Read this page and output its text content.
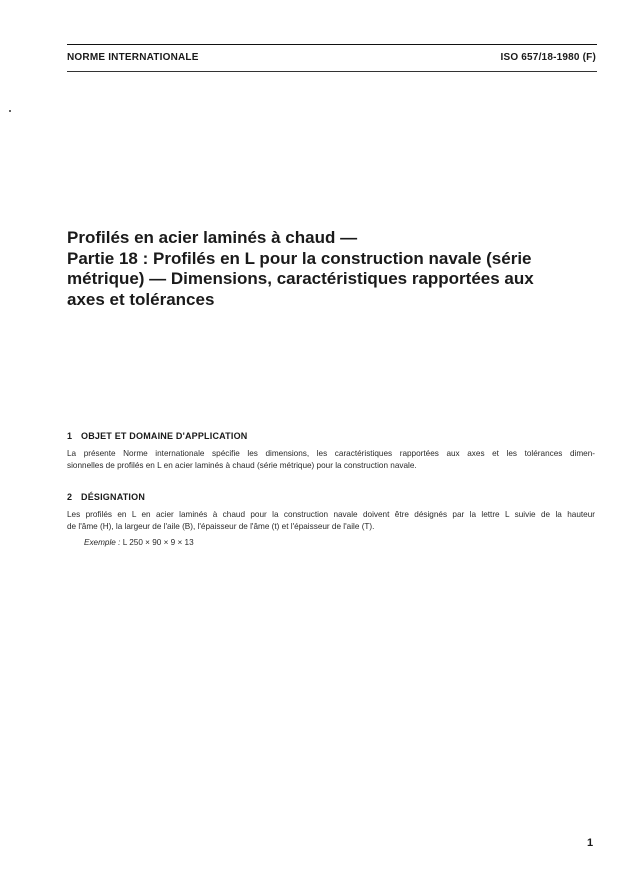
NORME INTERNATIONALE	ISO 657/18-1980 (F)
Profilés en acier laminés à chaud —
Partie 18 : Profilés en L pour la construction navale (série
métrique) — Dimensions, caractéristiques rapportées aux
axes et tolérances
1 OBJET ET DOMAINE D'APPLICATION

La présente Norme internationale spécifie les dimensions, les caractéristiques rapportées aux axes et les tolérances dimen-
sionnelles de profilés en L en acier laminés à chaud (série métrique) pour la construction navale.

2 DÉSIGNATION

Les profilés en L en acier laminés à chaud pour la construction navale doivent être désignés par la lettre L suivie de la hauteur
de l'âme (H), la largeur de l'aile (B), l'épaisseur de l'âme (t) et l'épaisseur de l'aile (T).

Exemple : L 250 × 90 × 9 × 13

1
